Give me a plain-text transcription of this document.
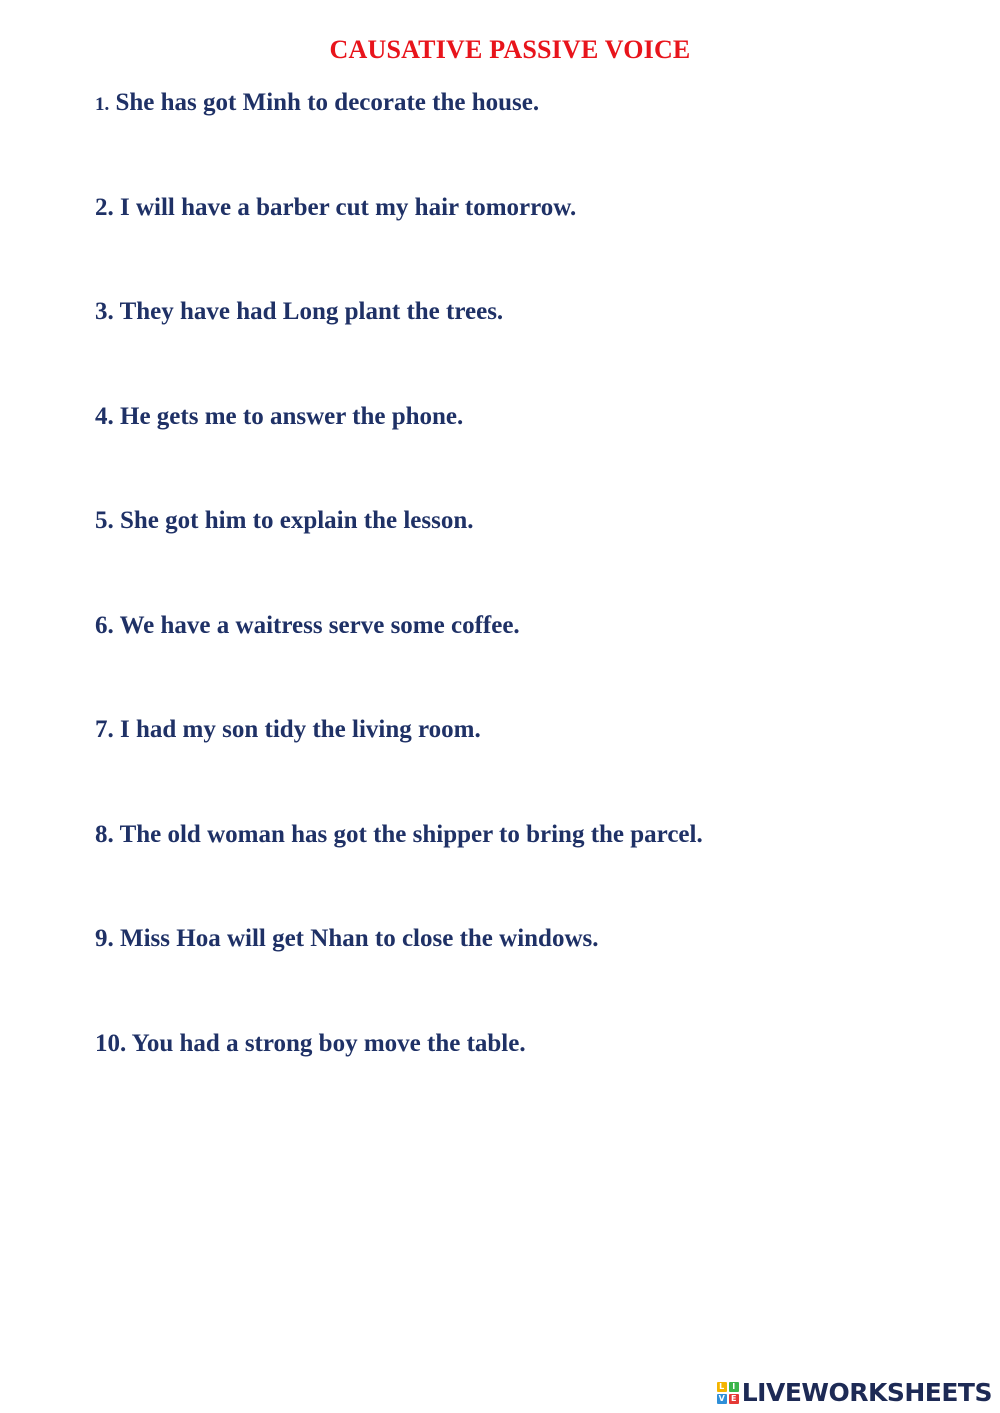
CAUSATIVE PASSIVE VOICE
1. She has got Minh to decorate the house.
2. I will have a barber cut my hair tomorrow.
3. They have had Long plant the trees.
4. He gets me to answer the phone.
5. She got him to explain the lesson.
6. We have a waitress serve some coffee.
7. I had my son tidy the living room.
8. The old woman has got the shipper to bring the parcel.
9. Miss Hoa will get Nhan to close the windows.
10. You had a strong boy move the table.
L I
V E LIVEWORKSHEETS
